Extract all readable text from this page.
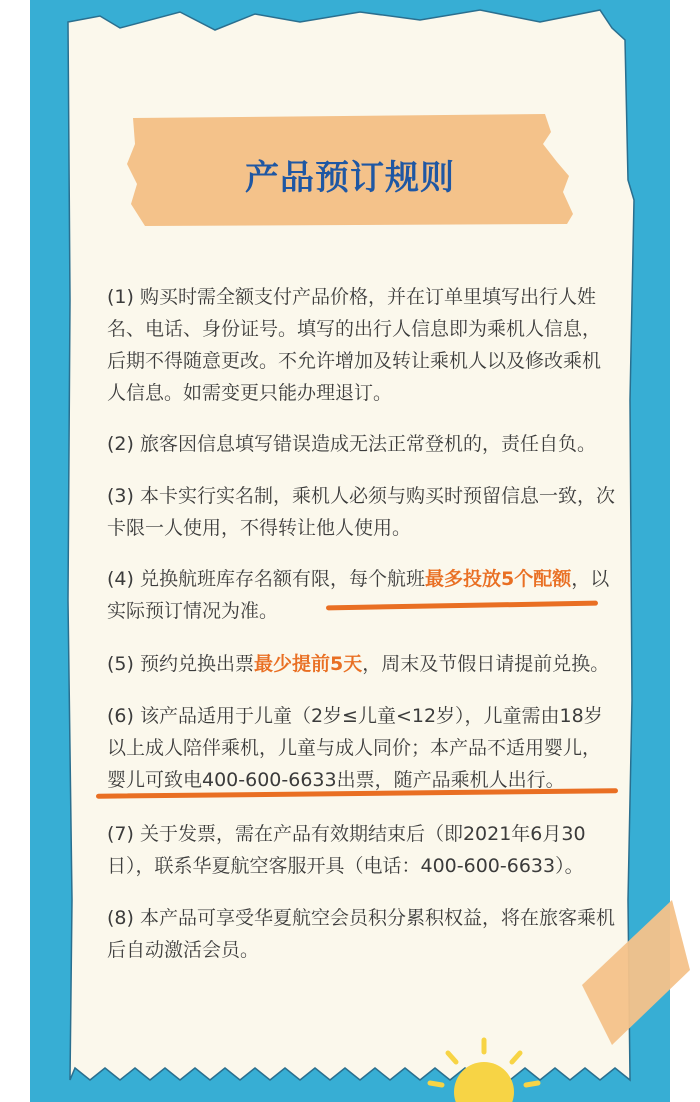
产品预订规则
(1) 购买时需全额支付产品价格，并在订单里填写出行人姓名、电话、身份证号。填写的出行人信息即为乘机人信息，后期不得随意更改。不允许增加及转让乘机人以及修改乘机人信息。如需变更只能办理退订。
(2) 旅客因信息填写错误造成无法正常登机的，责任自负。
(3) 本卡实行实名制，乘机人必须与购买时预留信息一致，次卡限一人使用，不得转让他人使用。
(4) 兑换航班库存名额有限，每个航班最多投放5个配额，以实际预订情况为准。
(5) 预约兑换出票最少提前5天，周末及节假日请提前兑换。
(6) 该产品适用于儿童（2岁≤儿童<12岁），儿童需由18岁以上成人陪伴乘机，儿童与成人同价；本产品不适用婴儿，婴儿可致电400-600-6633出票，随产品乘机人出行。
(7) 关于发票，需在产品有效期结束后（即2021年6月30日），联系华夏航空客服开具（电话：400-600-6633）。
(8) 本产品可享受华夏航空会员积分累积权益，将在旅客乘机后自动激活会员。
